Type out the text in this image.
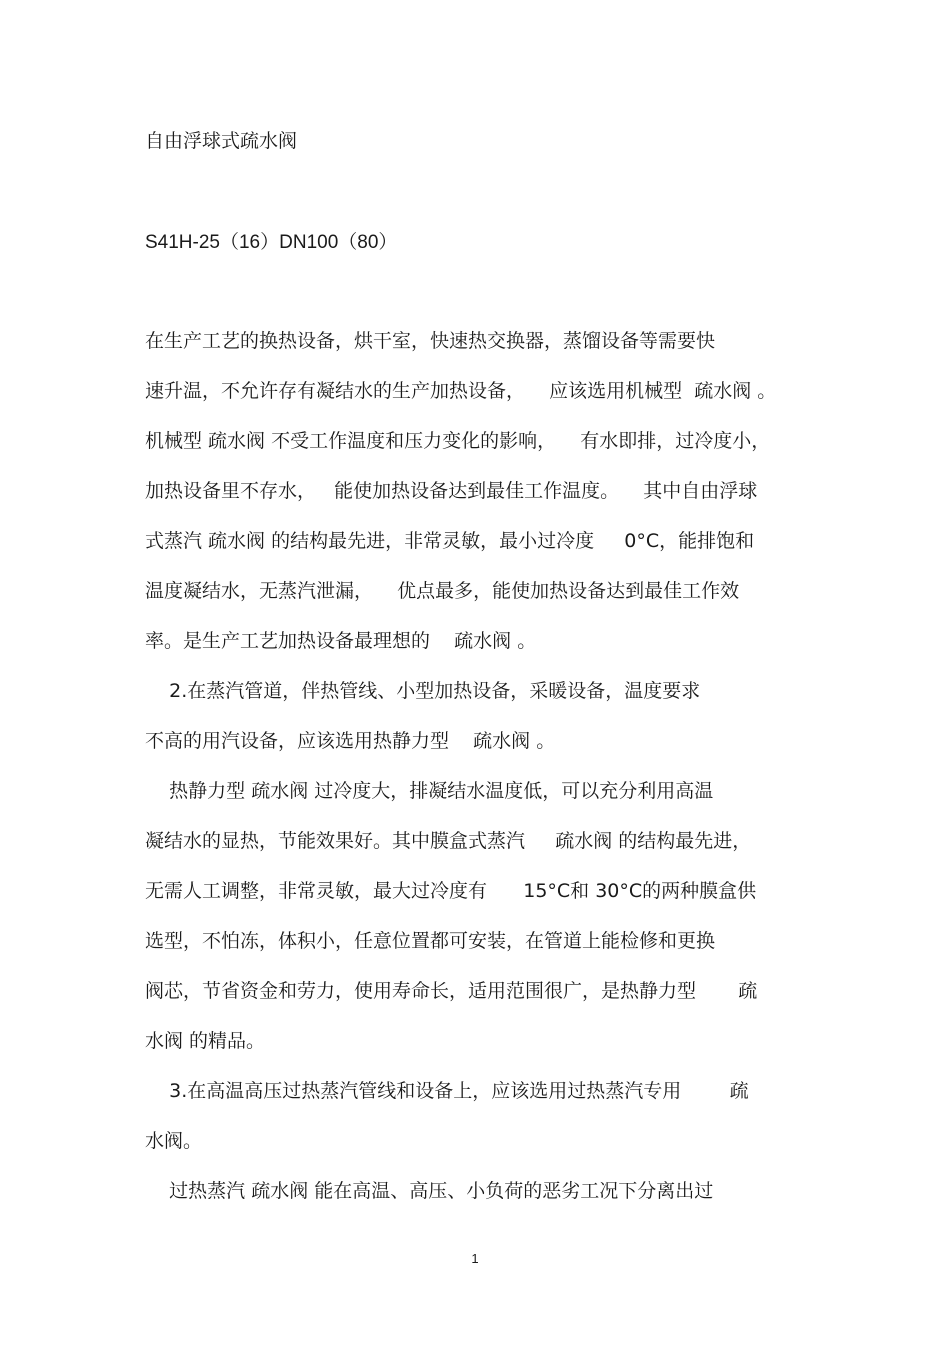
自由浮球式疏水阀
S41H-25（16）DN100（80）
在生产工艺的换热设备，烘干室，快速热交换器，蒸馏设备等需要快
速升温，不允许存有凝结水的生产加热设备，    应该选用机械型  疏水阀 。
机械型 疏水阀 不受工作温度和压力变化的影响，    有水即排，过冷度小，
加热设备里不存水，   能使加热设备达到最佳工作温度。    其中自由浮球
式蒸汽 疏水阀 的结构最先进，非常灵敏，最小过冷度     0°C，能排饱和
温度凝结水，无蒸汽泄漏，    优点最多，能使加热设备达到最佳工作效
率。是生产工艺加热设备最理想的    疏水阀 。
2.在蒸汽管道，伴热管线、小型加热设备，采暖设备，温度要求
不高的用汽设备，应该选用热静力型    疏水阀 。
热静力型 疏水阀 过冷度大，排凝结水温度低，可以充分利用高温
凝结水的显热，节能效果好。其中膜盒式蒸汽     疏水阀 的结构最先进，
无需人工调整，非常灵敏，最大过冷度有      15°C和 30°C的两种膜盒供
选型，不怕冻，体积小，任意位置都可安装，在管道上能检修和更换
阀芯，节省资金和劳力，使用寿命长，适用范围很广，是热静力型       疏
水阀 的精品。
3.在高温高压过热蒸汽管线和设备上，应该选用过热蒸汽专用        疏
水阀。
过热蒸汽 疏水阀 能在高温、高压、小负荷的恶劣工况下分离出过
1
